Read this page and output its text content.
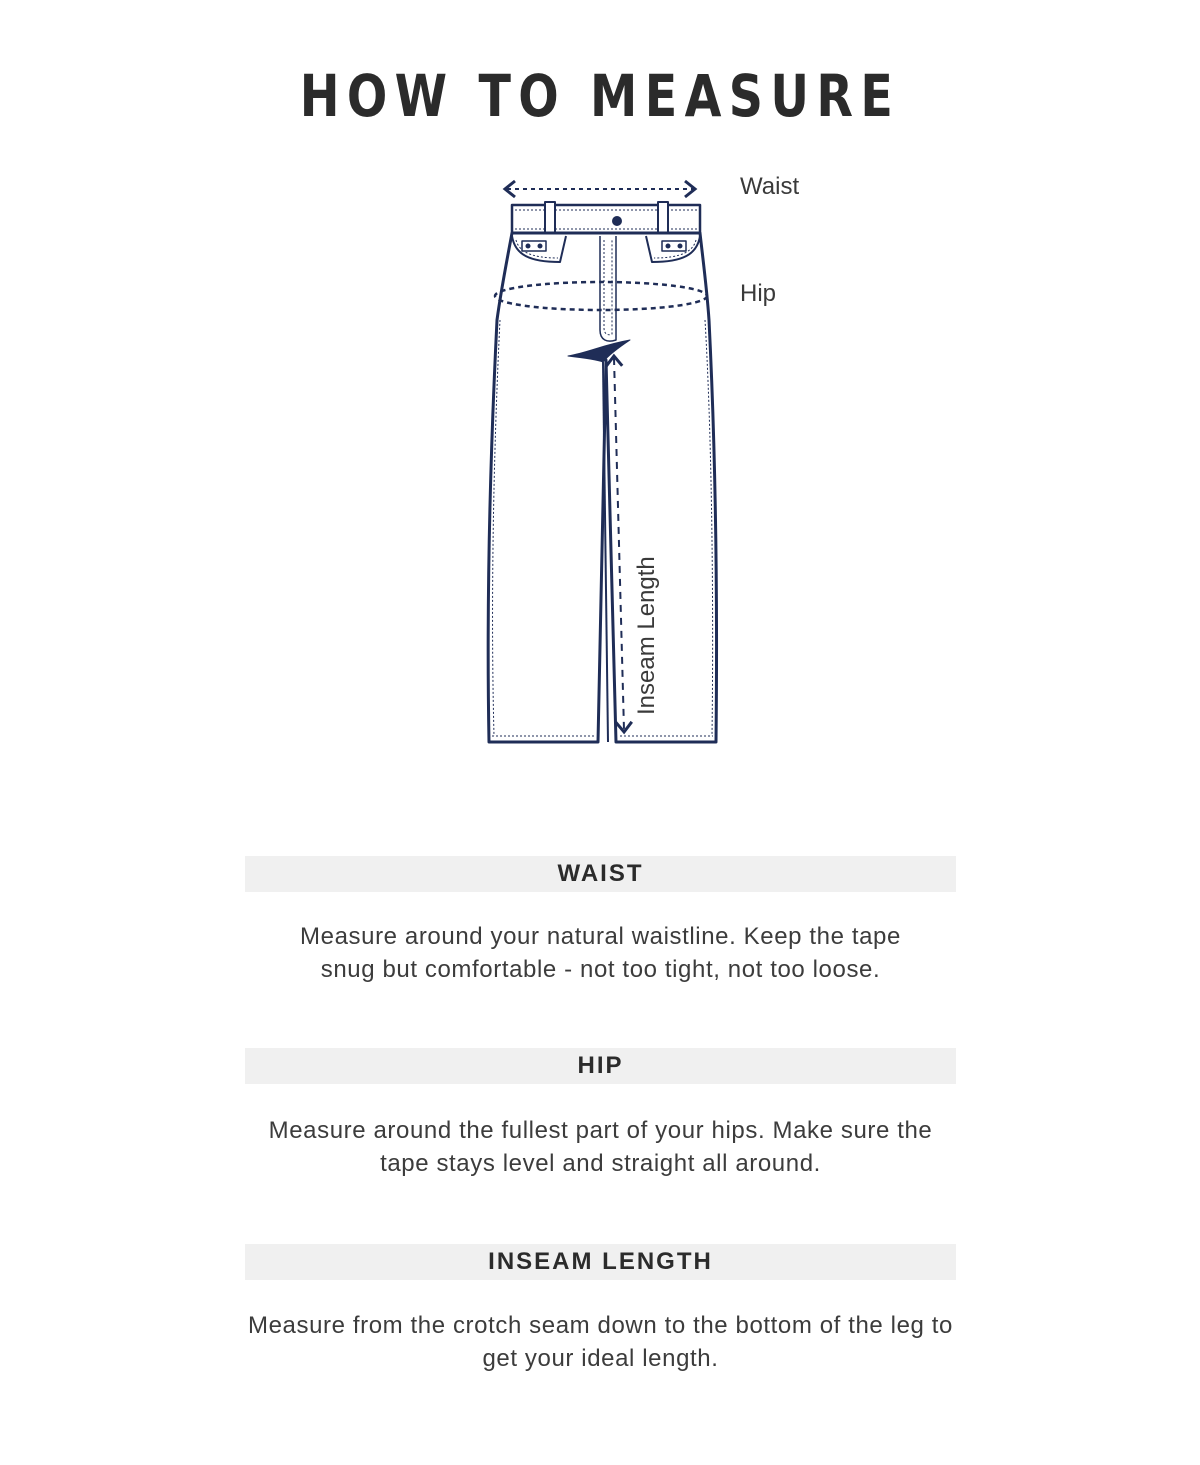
HOW TO MEASURE
Waist
Hip
Inseam Length
WAIST
Measure around your natural waistline. Keep the tape snug but comfortable - not too tight, not too loose.
HIP
Measure around the fullest part of your hips. Make sure the tape stays level and straight all around.
INSEAM LENGTH
Measure from the crotch seam down to the bottom of the leg to get your ideal length.
